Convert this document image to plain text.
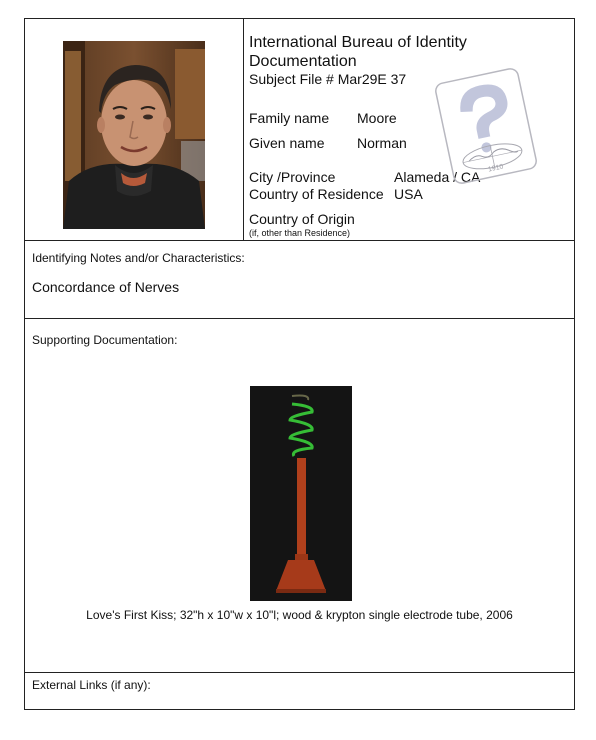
International Bureau of Identity
Documentation
Subject File # Mar29E 37
Family name Moore
Given name Norman
City /Province	Alameda / CA
Country of Residence USA
Country of Origin
(if, other than Residence)
1910
Identifying Notes and/or Characteristics:
Concordance of Nerves
Supporting Documentation:
Love's First Kiss; 32"h x 10"w x 10"l; wood & krypton single electrode tube, 2006
External Links (if any):
